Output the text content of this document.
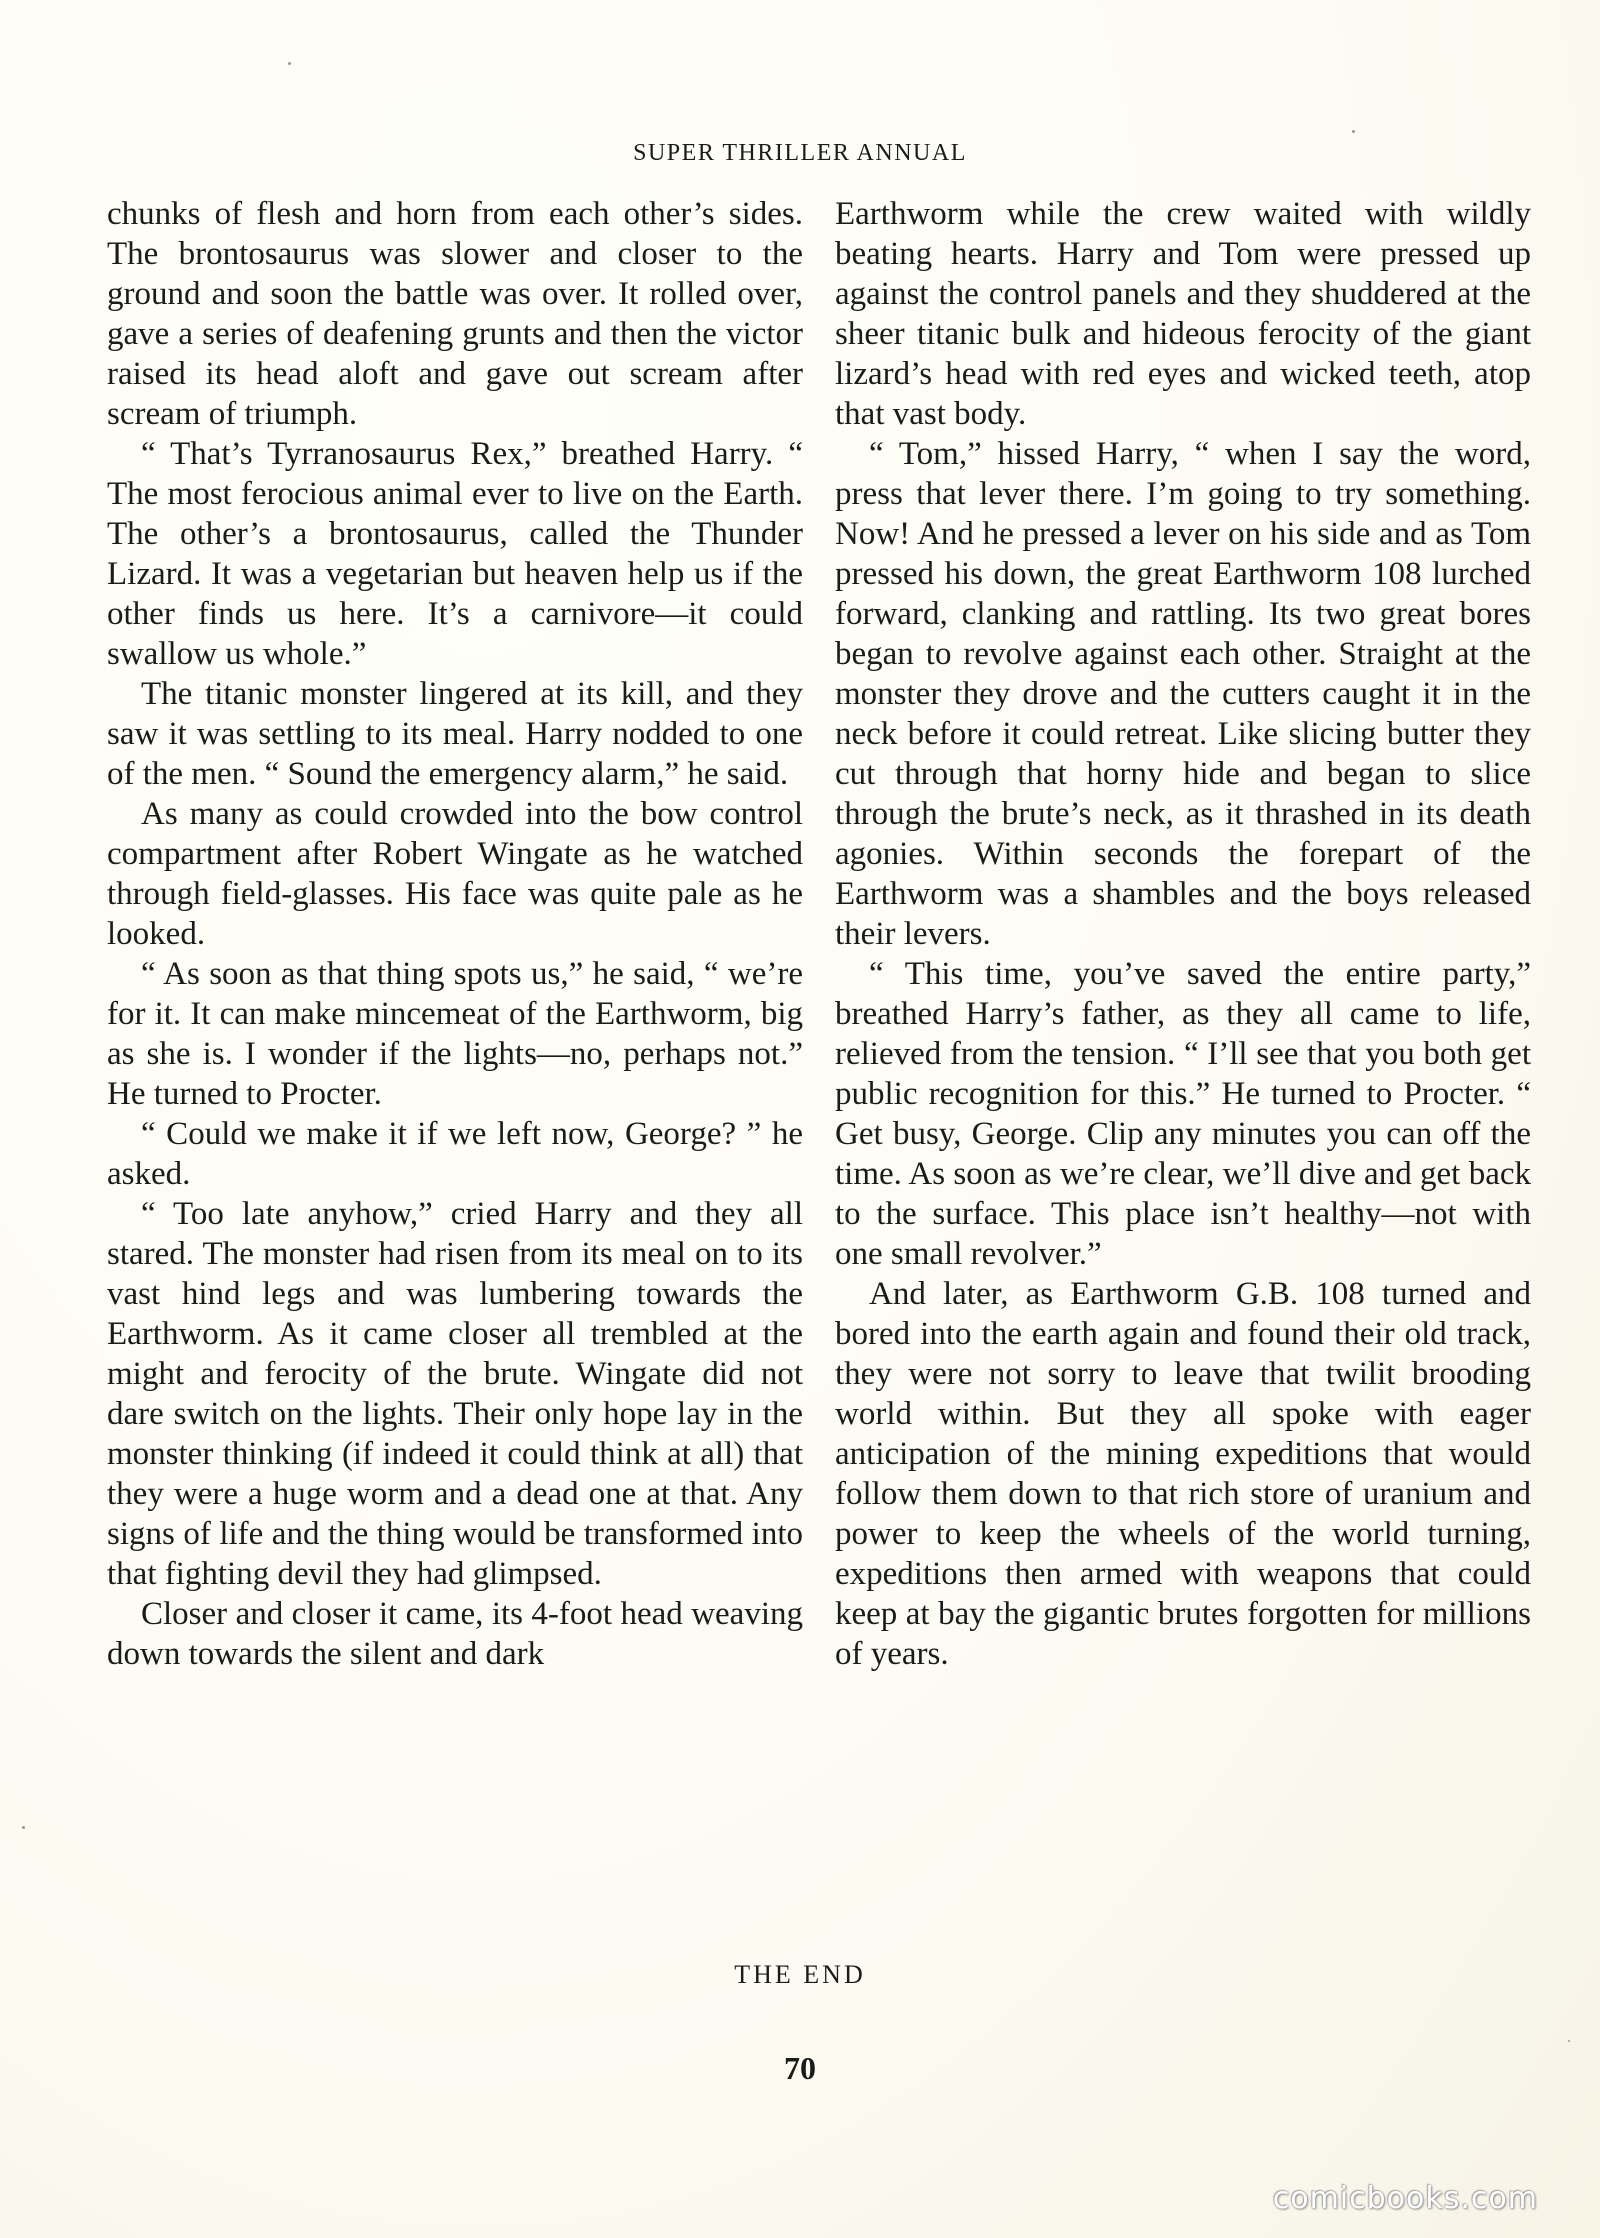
SUPER THRILLER ANNUAL

chunks of flesh and horn from each other’s sides. The brontosaurus was slower and closer to the ground and soon the battle was over. It rolled over, gave a series of deafening grunts and then the victor raised its head aloft and gave out scream after scream of triumph.

“ That’s Tyrranosaurus Rex,” breathed Harry. “ The most ferocious animal ever to live on the Earth. The other’s a brontosaurus, called the Thunder Lizard. It was a vegetarian but heaven help us if the other finds us here. It’s a carnivore—it could swallow us whole.”

The titanic monster lingered at its kill, and they saw it was settling to its meal. Harry nodded to one of the men. “ Sound the emergency alarm,” he said.

As many as could crowded into the bow control compartment after Robert Wingate as he watched through field-glasses. His face was quite pale as he looked.

“ As soon as that thing spots us,” he said, “ we’re for it. It can make mincemeat of the Earthworm, big as she is. I wonder if the lights—no, perhaps not.” He turned to Procter.

“ Could we make it if we left now, George? ” he asked.

“ Too late anyhow,” cried Harry and they all stared. The monster had risen from its meal on to its vast hind legs and was lumbering towards the Earthworm. As it came closer all trembled at the might and ferocity of the brute. Wingate did not dare switch on the lights. Their only hope lay in the monster thinking (if indeed it could think at all) that they were a huge worm and a dead one at that. Any signs of life and the thing would be transformed into that fighting devil they had glimpsed.

Closer and closer it came, its 4-foot head weaving down towards the silent and dark

Earthworm while the crew waited with wildly beating hearts. Harry and Tom were pressed up against the control panels and they shuddered at the sheer titanic bulk and hideous ferocity of the giant lizard’s head with red eyes and wicked teeth, atop that vast body.

“ Tom,” hissed Harry, “ when I say the word, press that lever there. I’m going to try something. Now! And he pressed a lever on his side and as Tom pressed his down, the great Earthworm 108 lurched forward, clanking and rattling. Its two great bores began to revolve against each other. Straight at the monster they drove and the cutters caught it in the neck before it could retreat. Like slicing butter they cut through that horny hide and began to slice through the brute’s neck, as it thrashed in its death agonies. Within seconds the forepart of the Earthworm was a shambles and the boys released their levers.

“ This time, you’ve saved the entire party,” breathed Harry’s father, as they all came to life, relieved from the tension. “ I’ll see that you both get public recognition for this.” He turned to Procter. “ Get busy, George. Clip any minutes you can off the time. As soon as we’re clear, we’ll dive and get back to the surface. This place isn’t healthy—not with one small revolver.”

And later, as Earthworm G.B. 108 turned and bored into the earth again and found their old track, they were not sorry to leave that twilit brooding world within. But they all spoke with eager anticipation of the mining expeditions that would follow them down to that rich store of uranium and power to keep the wheels of the world turning, expeditions then armed with weapons that could keep at bay the gigantic brutes forgotten for millions of years.

THE END
70
comicbooks.com
